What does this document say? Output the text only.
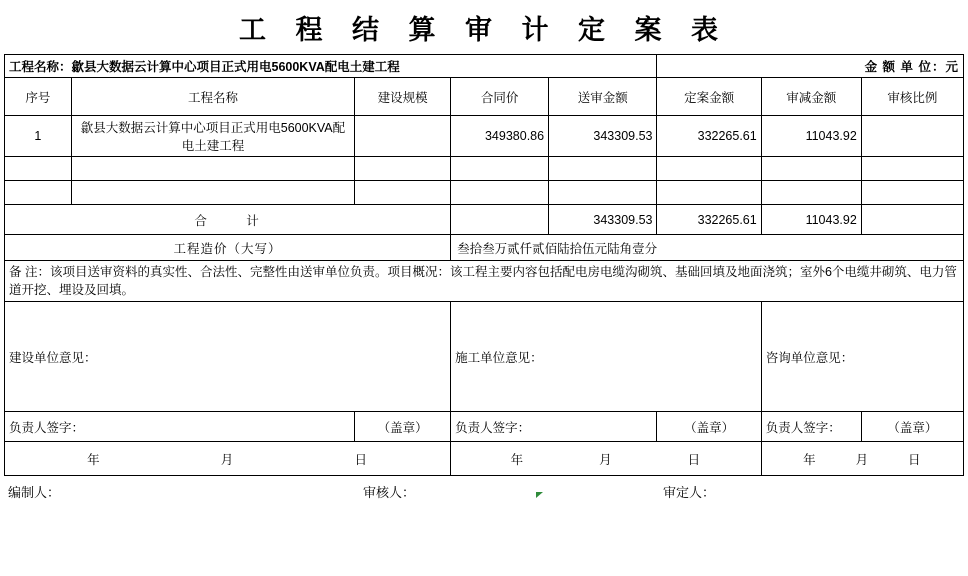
工 程 结 算 审 计 定 案 表
工程名称：歙县大数据云计算中心项目正式用电5600KVA配电土建工程					金 额 单 位：元		
序号	工程名称	建设规模	合同价	送审金额	定案金额	审减金额	审核比例
1	歙县大数据云计算中心项目正式用电5600KVA配电土建工程		349380.86	343309.53	332265.61	11043.92	

合 计				343309.53	332265.61	11043.92	
工程造价（大写）			叁拾叁万贰仟贰佰陆拾伍元陆角壹分				
备 注：该项目送审资料的真实性、合法性、完整性由送审单位负责。项目概况：该工程主要内容包括配电房电缆沟砌筑、基础回填及地面浇筑；室外6个电缆井砌筑、电力管道开挖、埋设及回填。							
建设单位意见：			施工单位意见：			咨询单位意见：	
负责人签字：		（盖章）	负责人签字：		（盖章）	负责人签字：	（盖章）

年 月 日			年 月 日			年 月 日	
编制人：	审核人：	审定人：
